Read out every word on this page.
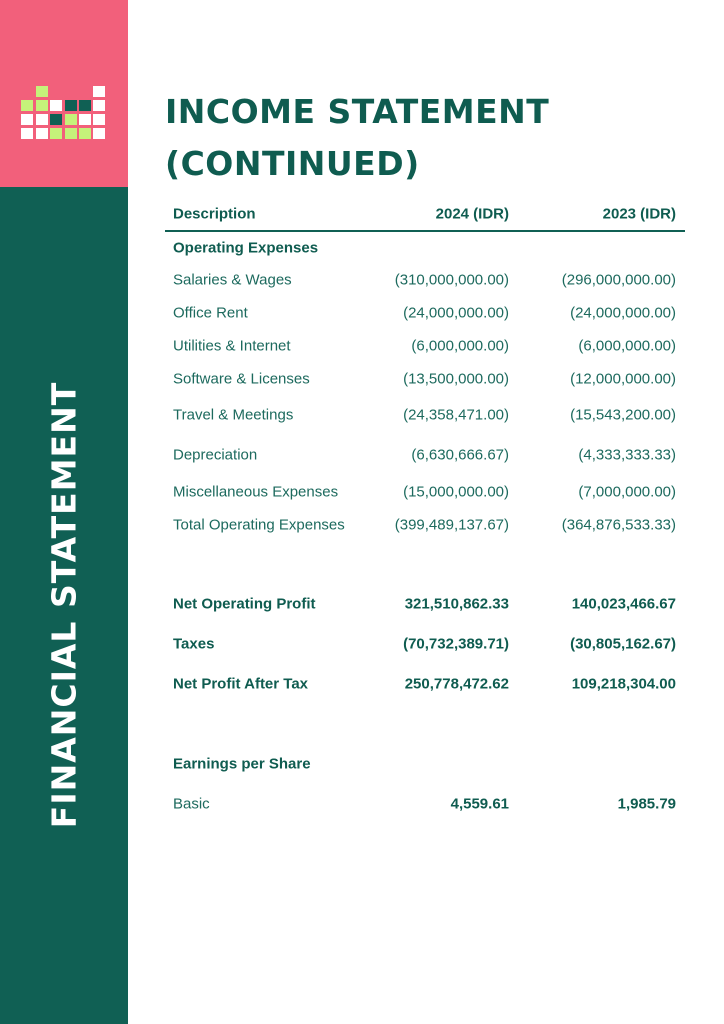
FINANCIAL STATEMENT
INCOME STATEMENT
(CONTINUED)
Description	2024 (IDR)	2023 (IDR)
Operating Expenses
Salaries & Wages	(310,000,000.00)	(296,000,000.00)
Office Rent	(24,000,000.00)	(24,000,000.00)
Utilities & Internet	(6,000,000.00)	(6,000,000.00)
Software & Licenses	(13,500,000.00)	(12,000,000.00)
Travel & Meetings	(24,358,471.00)	(15,543,200.00)
Depreciation	(6,630,666.67)	(4,333,333.33)
Miscellaneous Expenses	(15,000,000.00)	(7,000,000.00)
Total Operating Expenses	(399,489,137.67)	(364,876,533.33)
Net Operating Profit	321,510,862.33	140,023,466.67
Taxes	(70,732,389.71)	(30,805,162.67)
Net Profit After Tax	250,778,472.62	109,218,304.00
Earnings per Share
Basic	4,559.61	1,985.79
